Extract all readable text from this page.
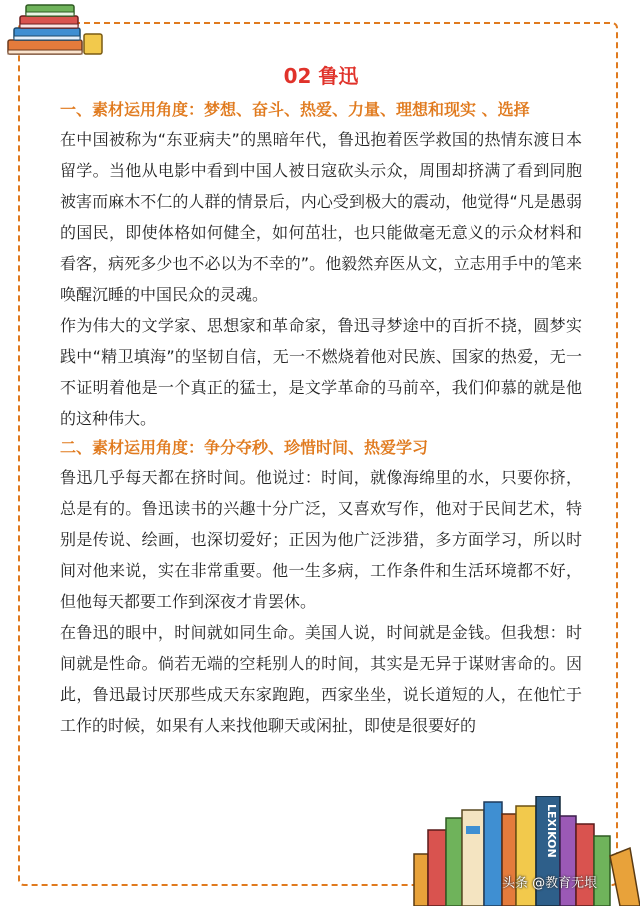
02 鲁迅
一、素材运用角度：梦想、奋斗、热爱、力量、理想和现实 、选择

在中国被称为“东亚病夫”的黑暗年代，鲁迅抱着医学救国的热情东渡日本留学。当他从电影中看到中国人被日寇砍头示众，周围却挤满了看到同胞被害而麻木不仁的人群的情景后，内心受到极大的震动，他觉得“凡是愚弱的国民，即使体格如何健全，如何茁壮，也只能做毫无意义的示众材料和看客，病死多少也不必以为不幸的”。他毅然弃医从文，立志用手中的笔来唤醒沉睡的中国民众的灵魂。

作为伟大的文学家、思想家和革命家，鲁迅寻梦途中的百折不挠，圆梦实践中“精卫填海”的坚韧自信，无一不燃烧着他对民族、国家的热爱，无一不证明着他是一个真正的猛士，是文学革命的马前卒，我们仰慕的就是他的这种伟大。

二、素材运用角度：争分夺秒、珍惜时间、热爱学习

鲁迅几乎每天都在挤时间。他说过：时间，就像海绵里的水，只要你挤，总是有的。鲁迅读书的兴趣十分广泛，又喜欢写作，他对于民间艺术，特别是传说、绘画，也深切爱好；正因为他广泛涉猎，多方面学习，所以时间对他来说，实在非常重要。他一生多病，工作条件和生活环境都不好，但他每天都要工作到深夜才肯罢休。

在鲁迅的眼中，时间就如同生命。美国人说，时间就是金钱。但我想：时间就是性命。倘若无端的空耗别人的时间，其实是无异于谋财害命的。因此，鲁迅最讨厌那些成天东家跑跑，西家坐坐，说长道短的人，在他忙于工作的时候，如果有人来找他聊天或闲扯，即使是很要好的

LEXIKON
头条 @教育无垠
